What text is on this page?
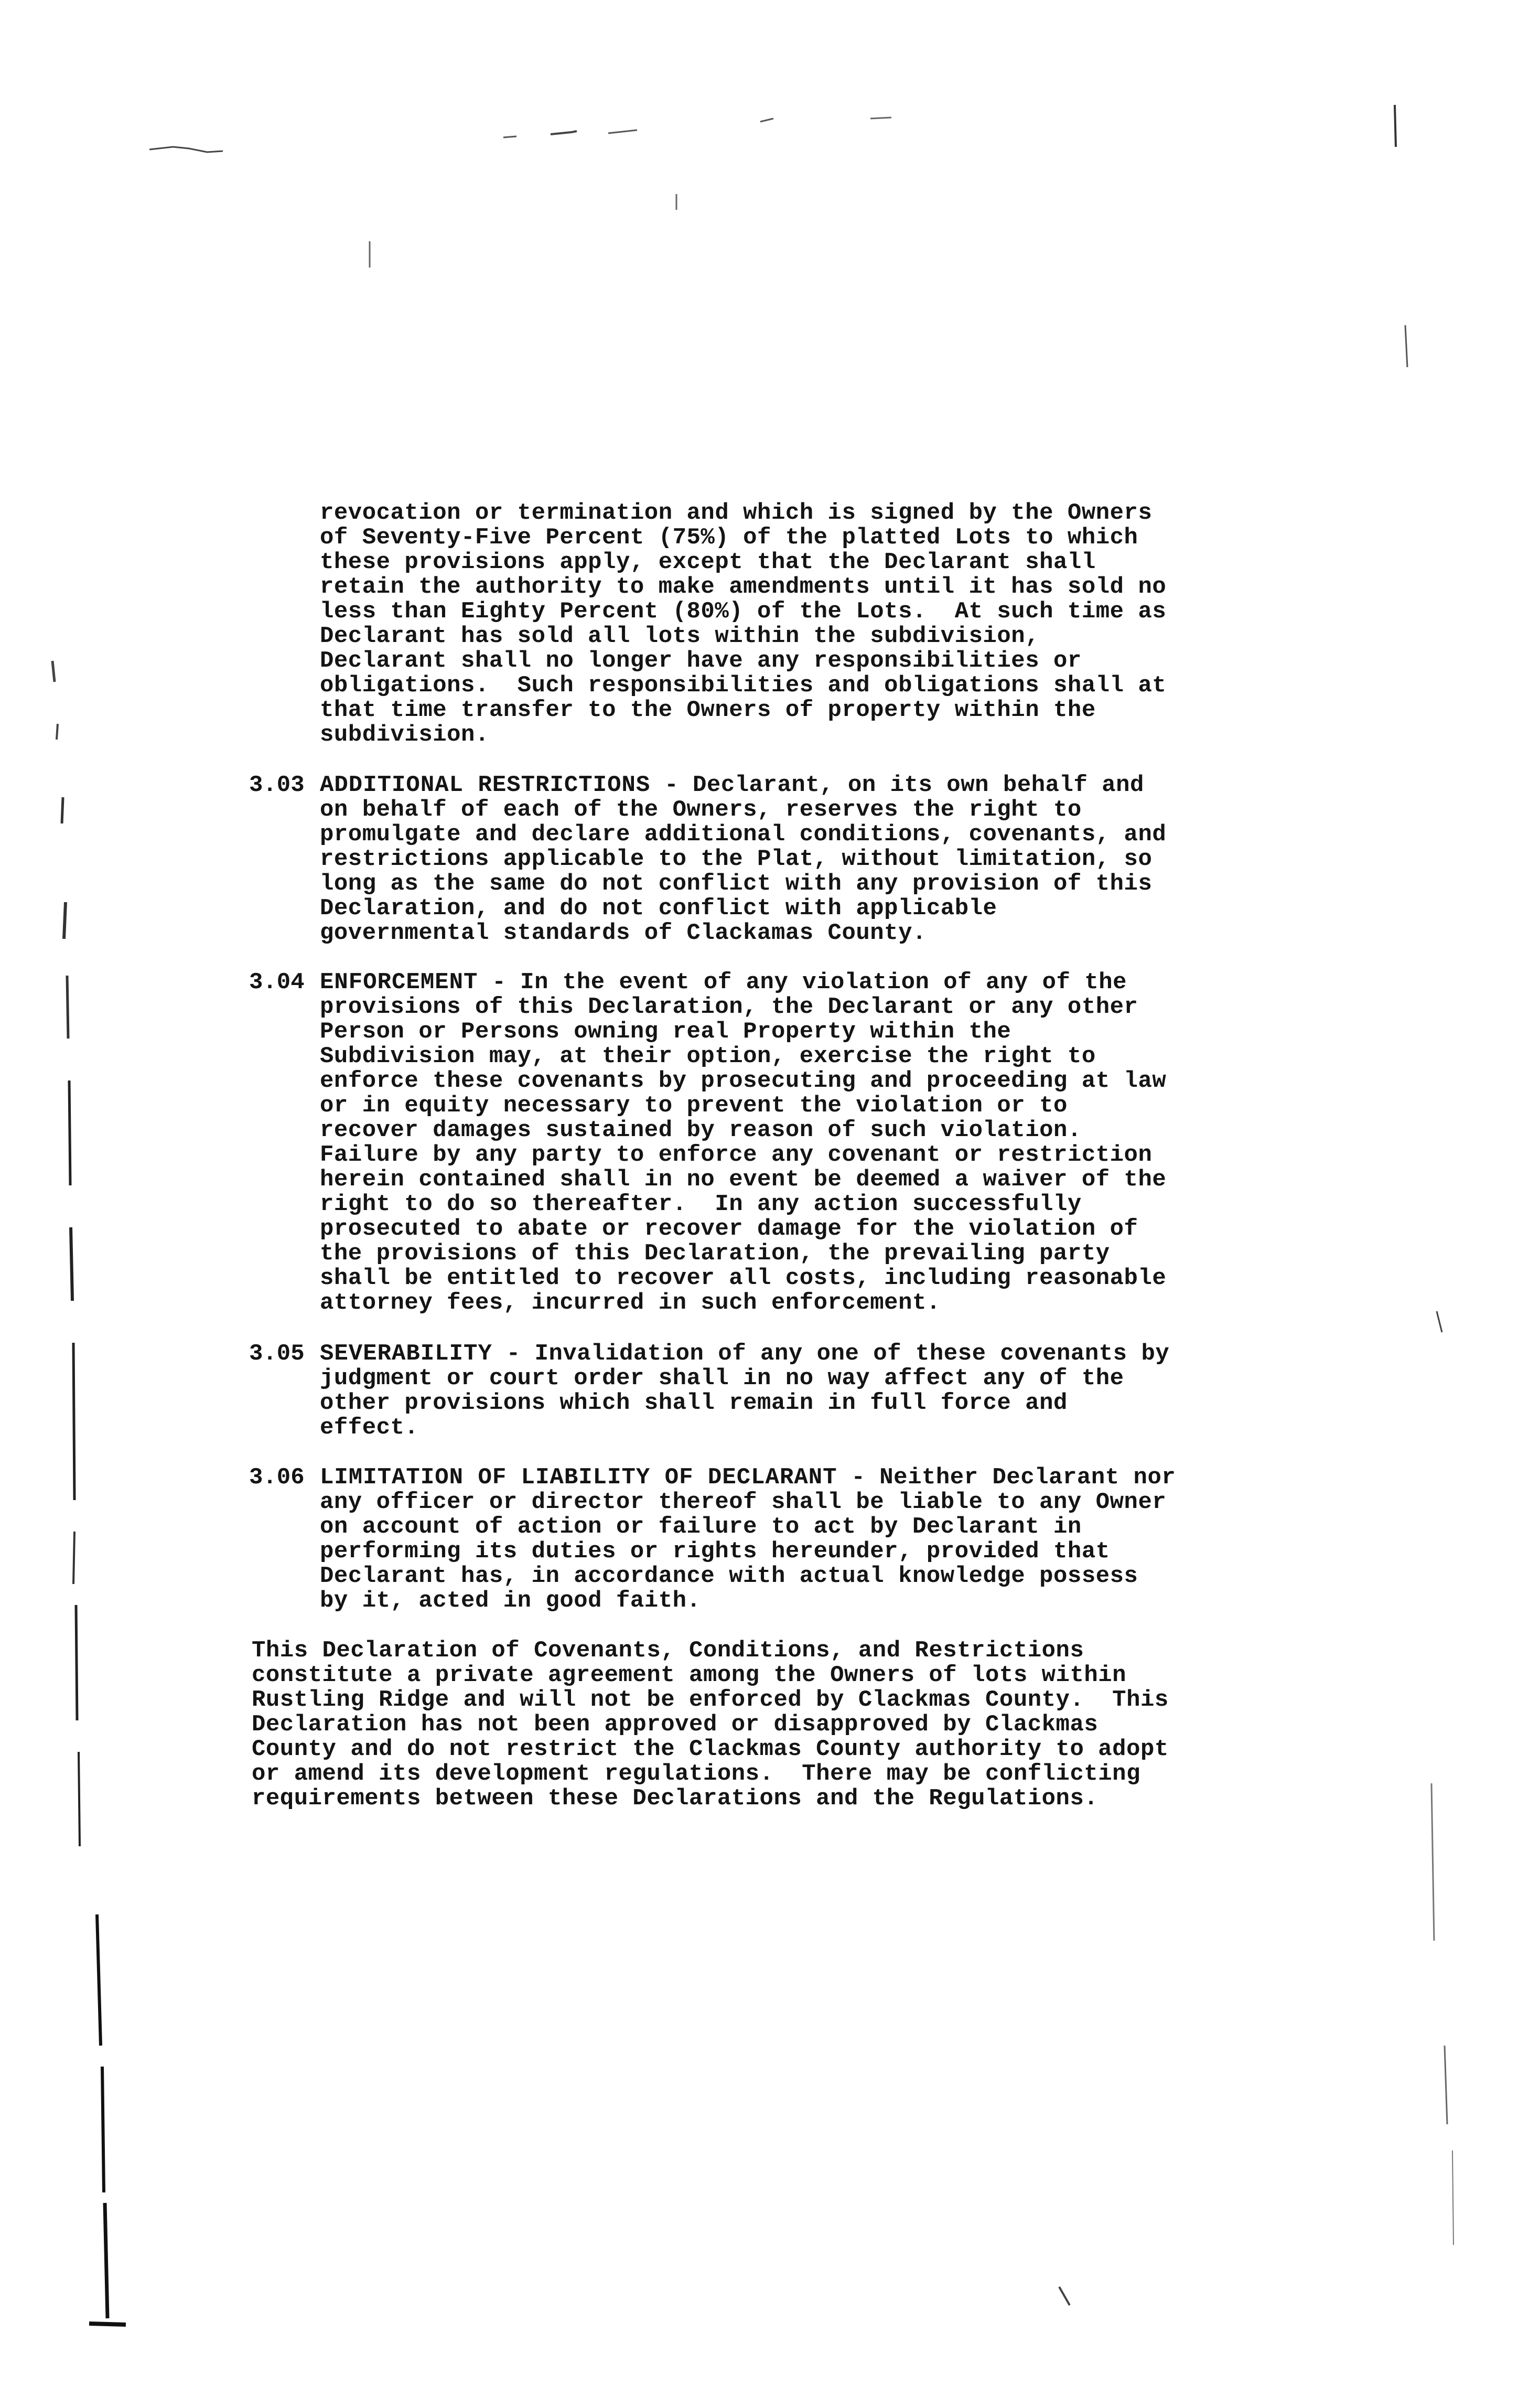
revocation or termination and which is signed by the Owners
of Seventy-Five Percent (75%) of the platted Lots to which
these provisions apply, except that the Declarant shall
retain the authority to make amendments until it has sold no
less than Eighty Percent (80%) of the Lots.  At such time as
Declarant has sold all lots within the subdivision,
Declarant shall no longer have any responsibilities or
obligations.  Such responsibilities and obligations shall at
that time transfer to the Owners of property within the
subdivision.
3.03 ADDITIONAL RESTRICTIONS - Declarant, on its own behalf and
on behalf of each of the Owners, reserves the right to
promulgate and declare additional conditions, covenants, and
restrictions applicable to the Plat, without limitation, so
long as the same do not conflict with any provision of this
Declaration, and do not conflict with applicable
governmental standards of Clackamas County.
3.04 ENFORCEMENT - In the event of any violation of any of the
provisions of this Declaration, the Declarant or any other
Person or Persons owning real Property within the
Subdivision may, at their option, exercise the right to
enforce these covenants by prosecuting and proceeding at law
or in equity necessary to prevent the violation or to
recover damages sustained by reason of such violation.
Failure by any party to enforce any covenant or restriction
herein contained shall in no event be deemed a waiver of the
right to do so thereafter.  In any action successfully
prosecuted to abate or recover damage for the violation of
the provisions of this Declaration, the prevailing party
shall be entitled to recover all costs, including reasonable
attorney fees, incurred in such enforcement.
3.05 SEVERABILITY - Invalidation of any one of these covenants by
judgment or court order shall in no way affect any of the
other provisions which shall remain in full force and
effect.
3.06 LIMITATION OF LIABILITY OF DECLARANT - Neither Declarant nor
any officer or director thereof shall be liable to any Owner
on account of action or failure to act by Declarant in
performing its duties or rights hereunder, provided that
Declarant has, in accordance with actual knowledge possess
by it, acted in good faith.
This Declaration of Covenants, Conditions, and Restrictions
constitute a private agreement among the Owners of lots within
Rustling Ridge and will not be enforced by Clackmas County.  This
Declaration has not been approved or disapproved by Clackmas
County and do not restrict the Clackmas County authority to adopt
or amend its development regulations.  There may be conflicting
requirements between these Declarations and the Regulations.
